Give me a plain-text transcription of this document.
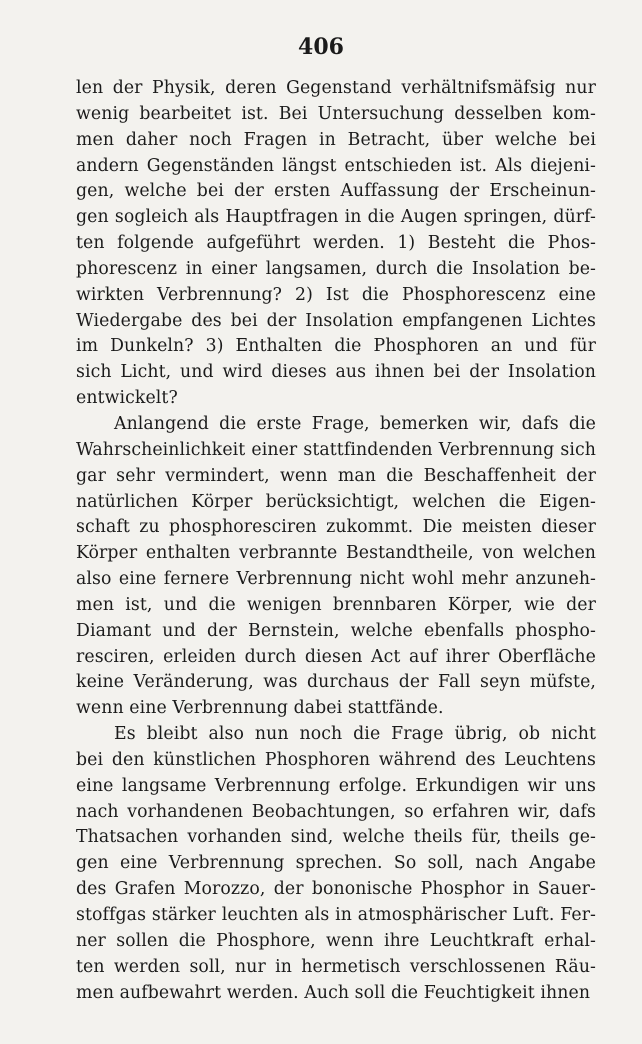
406
len der Physik, deren Gegenstand verhältnifsmäfsig nur
wenig bearbeitet ist. Bei Untersuchung desselben kom-
men daher noch Fragen in Betracht, über welche bei
andern Gegenständen längst entschieden ist. Als diejeni-
gen, welche bei der ersten Auffassung der Erscheinun-
gen sogleich als Hauptfragen in die Augen springen, dürf-
ten folgende aufgeführt werden. 1) Besteht die Phos-
phorescenz in einer langsamen, durch die Insolation be-
wirkten Verbrennung? 2) Ist die Phosphorescenz eine
Wiedergabe des bei der Insolation empfangenen Lichtes
im Dunkeln? 3) Enthalten die Phosphoren an und für
sich Licht, und wird dieses aus ihnen bei der Insolation
entwickelt?
Anlangend die erste Frage, bemerken wir, dafs die
Wahrscheinlichkeit einer stattfindenden Verbrennung sich
gar sehr vermindert, wenn man die Beschaffenheit der
natürlichen Körper berücksichtigt, welchen die Eigen-
schaft zu phosphoresciren zukommt. Die meisten dieser
Körper enthalten verbrannte Bestandtheile, von welchen
also eine fernere Verbrennung nicht wohl mehr anzuneh-
men ist, und die wenigen brennbaren Körper, wie der
Diamant und der Bernstein, welche ebenfalls phospho-
resciren, erleiden durch diesen Act auf ihrer Oberfläche
keine Veränderung, was durchaus der Fall seyn müfste,
wenn eine Verbrennung dabei stattfände.
Es bleibt also nun noch die Frage übrig, ob nicht
bei den künstlichen Phosphoren während des Leuchtens
eine langsame Verbrennung erfolge. Erkundigen wir uns
nach vorhandenen Beobachtungen, so erfahren wir, dafs
Thatsachen vorhanden sind, welche theils für, theils ge-
gen eine Verbrennung sprechen. So soll, nach Angabe
des Grafen Morozzo, der bononische Phosphor in Sauer-
stoffgas stärker leuchten als in atmosphärischer Luft. Fer-
ner sollen die Phosphore, wenn ihre Leuchtkraft erhal-
ten werden soll, nur in hermetisch verschlossenen Räu-
men aufbewahrt werden. Auch soll die Feuchtigkeit ihnen
